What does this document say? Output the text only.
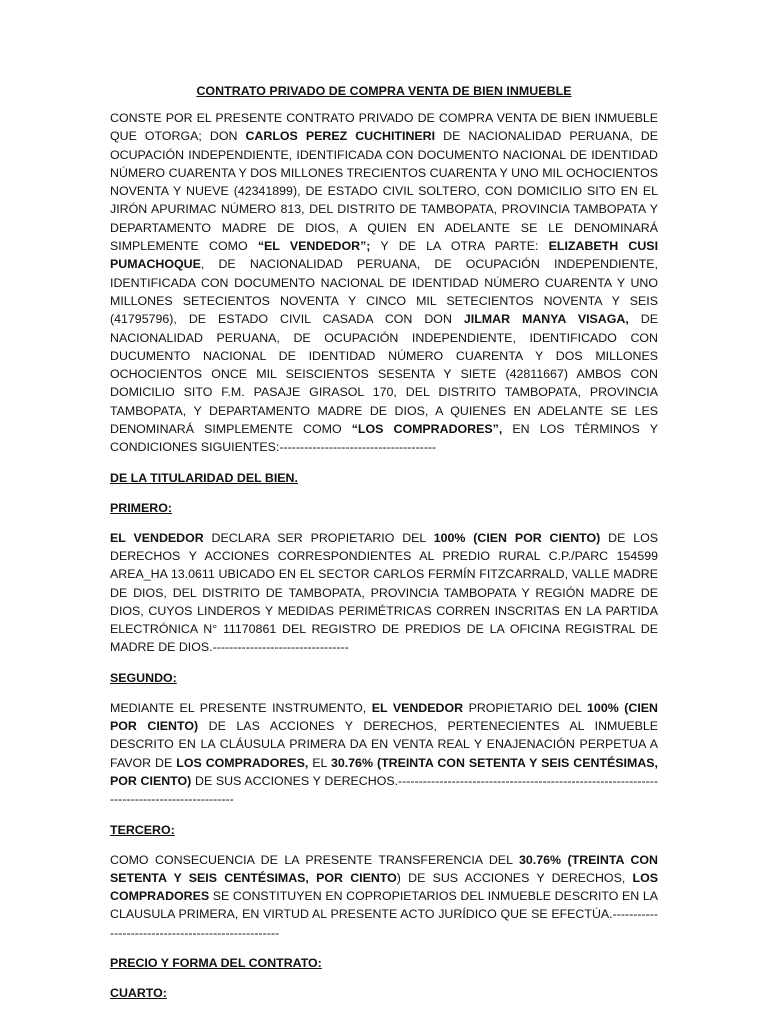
CONTRATO PRIVADO DE COMPRA VENTA DE BIEN INMUEBLE
CONSTE POR EL PRESENTE CONTRATO PRIVADO DE COMPRA VENTA DE BIEN INMUEBLE QUE OTORGA; DON CARLOS PEREZ CUCHITINERI DE NACIONALIDAD PERUANA, DE OCUPACIÓN INDEPENDIENTE, IDENTIFICADA CON DOCUMENTO NACIONAL DE IDENTIDAD NÚMERO CUARENTA Y DOS MILLONES TRECIENTOS CUARENTA Y UNO MIL OCHOCIENTOS NOVENTA Y NUEVE (42341899), DE ESTADO CIVIL SOLTERO, CON DOMICILIO SITO EN EL JIRÓN APURIMAC NÚMERO 813, DEL DISTRITO DE TAMBOPATA, PROVINCIA TAMBOPATA Y DEPARTAMENTO MADRE DE DIOS, A QUIEN EN ADELANTE SE LE DENOMINARÁ SIMPLEMENTE COMO “EL VENDEDOR”; Y DE LA OTRA PARTE: ELIZABETH CUSI PUMACHOQUE, DE NACIONALIDAD PERUANA, DE OCUPACIÓN INDEPENDIENTE, IDENTIFICADA CON DOCUMENTO NACIONAL DE IDENTIDAD NÚMERO CUARENTA Y UNO MILLONES SETECIENTOS NOVENTA Y CINCO MIL SETECIENTOS NOVENTA Y SEIS (41795796), DE ESTADO CIVIL CASADA CON DON JILMAR MANYA VISAGA, DE NACIONALIDAD PERUANA, DE OCUPACIÓN INDEPENDIENTE, IDENTIFICADO CON DUCUMENTO NACIONAL DE IDENTIDAD NÚMERO CUARENTA Y DOS MILLONES OCHOCIENTOS ONCE MIL SEISCIENTOS SESENTA Y SIETE (42811667) AMBOS CON DOMICILIO SITO F.M. PASAJE GIRASOL 170, DEL DISTRITO TAMBOPATA, PROVINCIA TAMBOPATA, Y DEPARTAMENTO MADRE DE DIOS, A QUIENES EN ADELANTE SE LES DENOMINARÁ SIMPLEMENTE COMO “LOS COMPRADORES”, EN LOS TÉRMINOS Y CONDICIONES SIGUIENTES:--------------------------------------
DE LA TITULARIDAD DEL BIEN.
PRIMERO:
EL VENDEDOR DECLARA SER PROPIETARIO DEL 100% (CIEN POR CIENTO) DE LOS DERECHOS Y ACCIONES CORRESPONDIENTES AL PREDIO RURAL C.P./PARC 154599 AREA_HA 13.0611 UBICADO EN EL SECTOR CARLOS FERMÍN FITZCARRALD, VALLE MADRE DE DIOS, DEL DISTRITO DE TAMBOPATA, PROVINCIA TAMBOPATA Y REGIÓN MADRE DE DIOS, CUYOS LINDEROS Y MEDIDAS PERIMÉTRICAS CORREN INSCRITAS EN LA PARTIDA ELECTRÓNICA N° 11170861 DEL REGISTRO DE PREDIOS DE LA OFICINA REGISTRAL DE MADRE DE DIOS.---------------------------------
SEGUNDO:
MEDIANTE EL PRESENTE INSTRUMENTO, EL VENDEDOR PROPIETARIO DEL 100% (CIEN POR CIENTO) DE LAS ACCIONES Y DERECHOS, PERTENECIENTES AL INMUEBLE DESCRITO EN LA CLÁUSULA PRIMERA DA EN VENTA REAL Y ENAJENACIÓN PERPETUA A FAVOR DE LOS COMPRADORES, EL 30.76% (TREINTA CON SETENTA Y SEIS CENTÉSIMAS, POR CIENTO) DE SUS ACCIONES Y DERECHOS.---------------------------------------------------------------------------------------------
TERCERO:
COMO CONSECUENCIA DE LA PRESENTE TRANSFERENCIA DEL 30.76% (TREINTA CON SETENTA Y SEIS CENTÉSIMAS, POR CIENTO) DE SUS ACCIONES Y DERECHOS, LOS COMPRADORES SE CONSTITUYEN EN COPROPIETARIOS DEL INMUEBLE DESCRITO EN LA CLAUSULA PRIMERA, EN VIRTUD AL PRESENTE ACTO JURÍDICO QUE SE EFECTÚA.----------------------------------------------------
PRECIO Y FORMA DEL CONTRATO:
CUARTO:
